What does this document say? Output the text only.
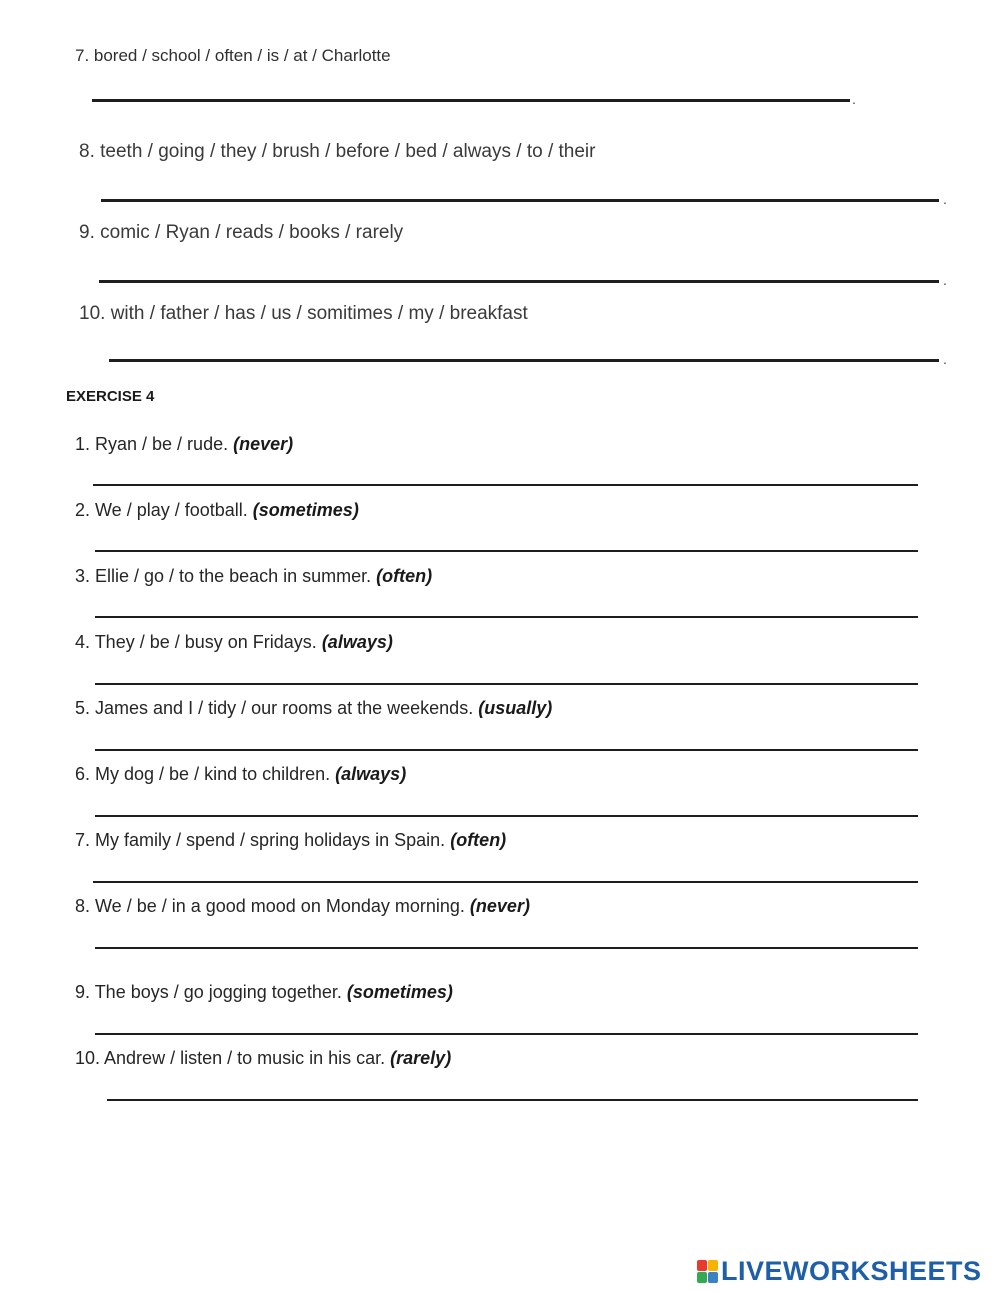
7. bored / school / often / is / at / Charlotte
.
8. teeth / going / they / brush / before / bed / always / to / their
.
9. comic / Ryan / reads / books / rarely
.
10. with / father / has / us / somitimes / my / breakfast
.
EXERCISE 4
1. Ryan / be / rude. (never)
2. We / play / football. (sometimes)
3. Ellie / go / to the beach in summer. (often)
4. They / be / busy on Fridays. (always)
5. James and I / tidy / our rooms at the weekends. (usually)
6. My dog / be / kind to children. (always)
7. My family / spend / spring holidays in Spain. (often)
8. We / be / in a good mood on Monday morning. (never)
9. The boys / go jogging together. (sometimes)
10. Andrew / listen / to music in his car. (rarely)
LIVEWORKSHEETS
